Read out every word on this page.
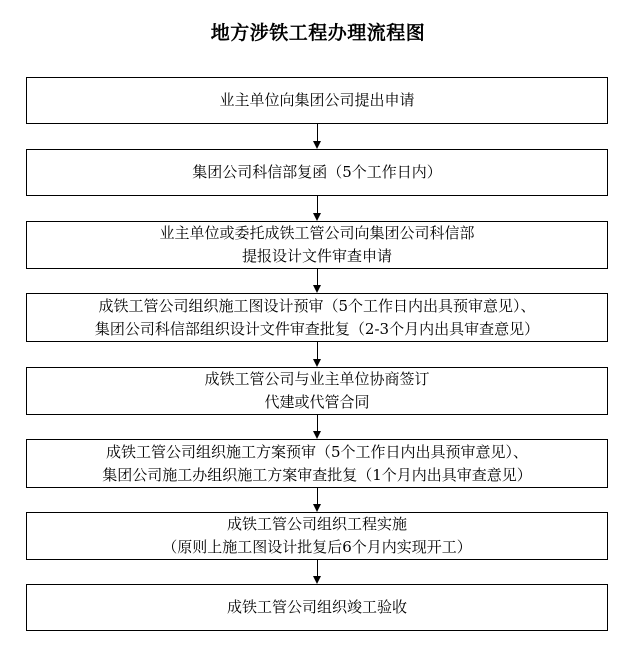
地方涉铁工程办理流程图
业主单位向集团公司提出申请
集团公司科信部复函（5个工作日内）
业主单位或委托成铁工管公司向集团公司科信部
提报设计文件审查申请
成铁工管公司组织施工图设计预审（5个工作日内出具预审意见）、
集团公司科信部组织设计文件审查批复（2-3个月内出具审查意见）
成铁工管公司与业主单位协商签订
代建或代管合同
成铁工管公司组织施工方案预审（5个工作日内出具预审意见）、
集团公司施工办组织施工方案审查批复（1个月内出具审查意见）
成铁工管公司组织工程实施
（原则上施工图设计批复后6个月内实现开工）
成铁工管公司组织竣工验收
